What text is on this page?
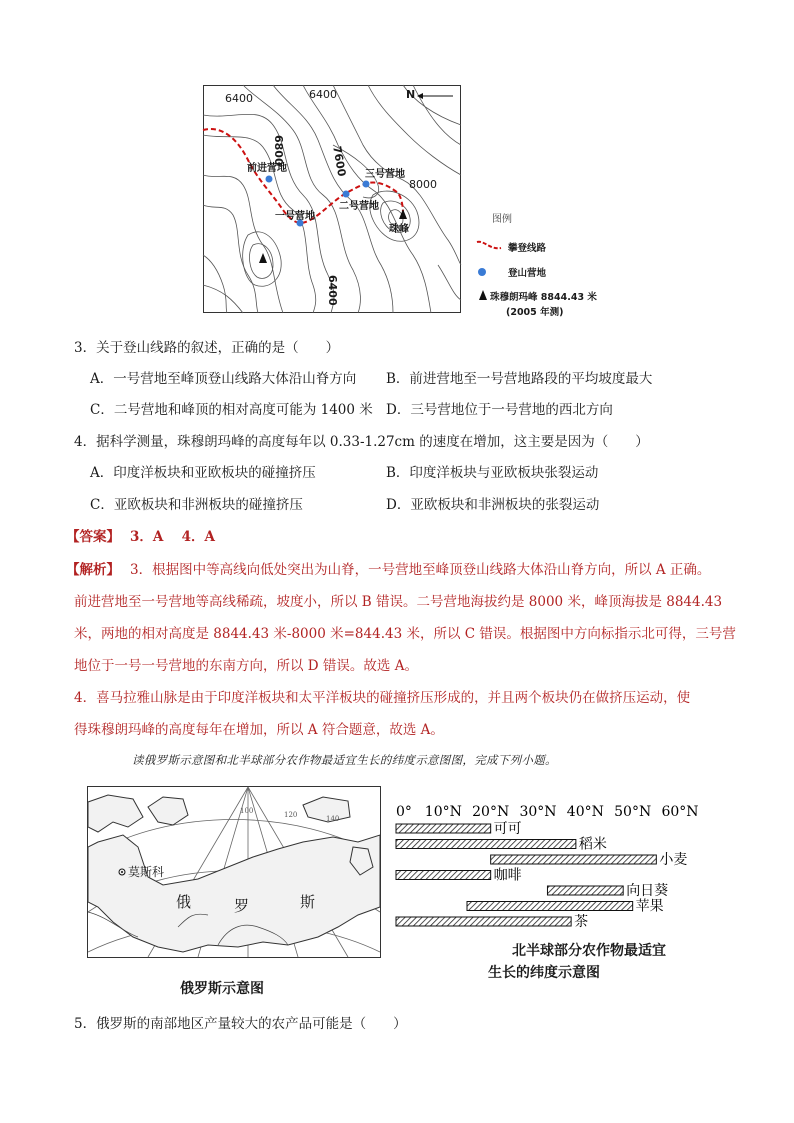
6400	6400	N
6800	7600
8000
6400
前进营地
一号营地
二号营地
三号营地
珠峰
图例
攀登线路
登山营地
珠穆朗玛峰 8844.43 米
(2005 年测)
3．关于登山线路的叙述，正确的是（　　）
A．一号营地至峰顶登山线路大体沿山脊方向 B．前进营地至一号营地路段的平均坡度最大
C．二号营地和峰顶的相对高度可能为 1400 米 D．三号营地位于一号营地的西北方向
4．据科学测量，珠穆朗玛峰的高度每年以 0.33-1.27cm 的速度在增加，这主要是因为（　　）
A．印度洋板块和亚欧板块的碰撞挤压	B．印度洋板块与亚欧板块张裂运动
C．亚欧板块和非洲板块的碰撞挤压	D．亚欧板块和非洲板块的张裂运动
【答案】 3．A　 4．A
【解析】 3．根据图中等高线向低处突出为山脊，一号营地至峰顶登山线路大体沿山脊方向，所以 A 正确。
前进营地至一号营地等高线稀疏，坡度小，所以 B 错误。二号营地海拔约是 8000 米，峰顶海拔是 8844.43
米，两地的相对高度是 8844.43 米-8000 米=844.43 米，所以 C 错误。根据图中方向标指示北可得，三号营
地位于一号一号营地的东南方向，所以 D 错误。故选 A。
4．喜马拉雅山脉是由于印度洋板块和太平洋板块的碰撞挤压形成的，并且两个板块仍在做挤压运动，使
得珠穆朗玛峰的高度每年在增加，所以 A 符合题意，故选 A。
读俄罗斯示意图和北半球部分农作物最适宜生长的纬度示意图图，完成下列小题。
莫斯科
俄	罗	斯
100	120	140
俄罗斯示意图
0° 10°N 20°N 30°N 40°N 50°N 60°N
可可
稻米
小麦
咖啡
向日葵
苹果
茶
北半球部分农作物最适宜
生长的纬度示意图
5．俄罗斯的南部地区产量较大的农产品可能是（　　）
